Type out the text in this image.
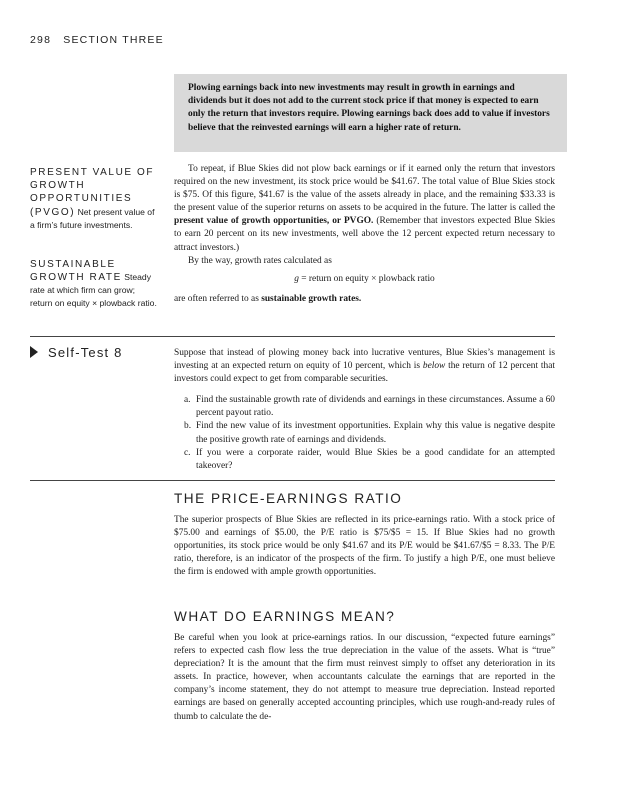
298 SECTION THREE

Plowing earnings back into new investments may result in growth in earnings and dividends but it does not add to the current stock price if that money is expected to earn only the return that investors require. Plowing earnings back does add to value if investors believe that the reinvested earnings will earn a higher rate of return.

PRESENT VALUE OF GROWTH OPPORTUNITIES (PVGO) Net present value of a firm’s future investments.
SUSTAINABLE GROWTH RATE Steady rate at which firm can grow; return on equity × plowback ratio.

To repeat, if Blue Skies did not plow back earnings or if it earned only the return that investors required on the new investment, its stock price would be $41.67. The total value of Blue Skies stock is $75. Of this figure, $41.67 is the value of the assets already in place, and the remaining $33.33 is the present value of the superior returns on assets to be acquired in the future. The latter is called the present value of growth opportunities, or PVGO. (Remember that investors expected Blue Skies to earn 20 percent on its new investments, well above the 12 percent expected return necessary to attract investors.)

By the way, growth rates calculated as

g = return on equity × plowback ratio

are often referred to as sustainable growth rates.

Self-Test 8	Suppose that instead of plowing money back into lucrative ventures, Blue Skies’s management is investing at an expected return on equity of 10 percent, which is below the return of 12 percent that investors could expect to get from comparable securities.

a. Find the sustainable growth rate of dividends and earnings in these circumstances. Assume a 60 percent payout ratio.
b. Find the new value of its investment opportunities. Explain why this value is negative despite the positive growth rate of earnings and dividends.
c. If you were a corporate raider, would Blue Skies be a good candidate for an attempted takeover?
THE PRICE-EARNINGS RATIO

The superior prospects of Blue Skies are reflected in its price-earnings ratio. With a stock price of $75.00 and earnings of $5.00, the P/E ratio is $75/$5 = 15. If Blue Skies had no growth opportunities, its stock price would be only $41.67 and its P/E would be $41.67/$5 = 8.33. The P/E ratio, therefore, is an indicator of the prospects of the firm. To justify a high P/E, one must believe the firm is endowed with ample growth opportunities.

WHAT DO EARNINGS MEAN?

Be careful when you look at price-earnings ratios. In our discussion, “expected future earnings” refers to expected cash flow less the true depreciation in the value of the assets. What is “true” depreciation? It is the amount that the firm must reinvest simply to offset any deterioration in its assets. In practice, however, when accountants calculate the earnings that are reported in the company’s income statement, they do not attempt to measure true depreciation. Instead reported earnings are based on generally accepted accounting principles, which use rough-and-ready rules of thumb to calculate the de-
